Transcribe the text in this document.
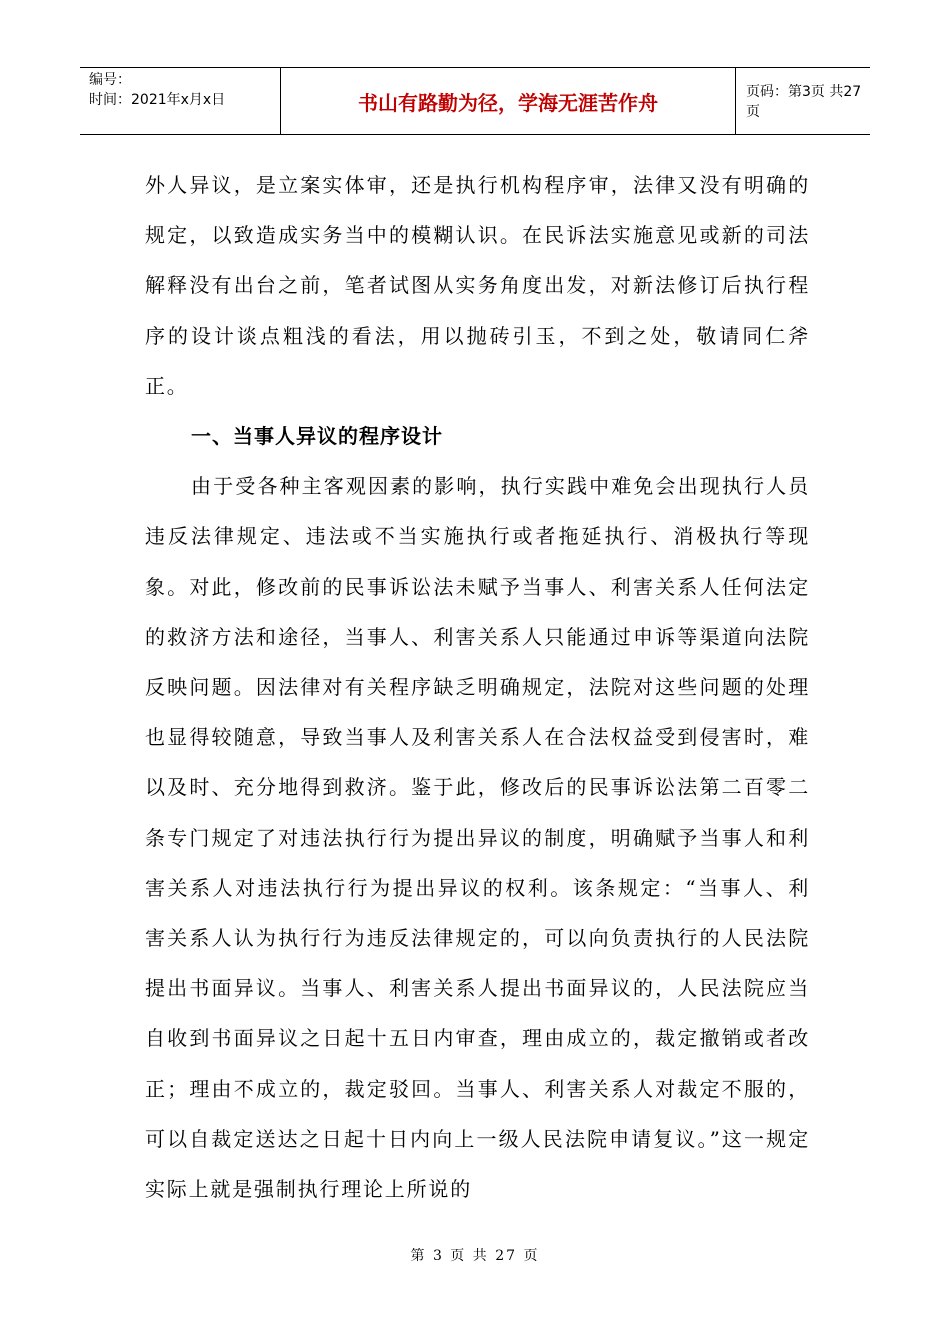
编号：
时间：2021年x月x日	书山有路勤为径，学海无涯苦作舟	页码：第3页 共27页

外人异议，是立案实体审，还是执行机构程序审，法律又没有明确的规定，以致造成实务当中的模糊认识。在民诉法实施意见或新的司法解释没有出台之前，笔者试图从实务角度出发，对新法修订后执行程序的设计谈点粗浅的看法，用以抛砖引玉，不到之处，敬请同仁斧正。

一、当事人异议的程序设计

由于受各种主客观因素的影响，执行实践中难免会出现执行人员违反法律规定、违法或不当实施执行或者拖延执行、消极执行等现象。对此，修改前的民事诉讼法未赋予当事人、利害关系人任何法定的救济方法和途径，当事人、利害关系人只能通过申诉等渠道向法院反映问题。因法律对有关程序缺乏明确规定，法院对这些问题的处理也显得较随意，导致当事人及利害关系人在合法权益受到侵害时，难以及时、充分地得到救济。鉴于此，修改后的民事诉讼法第二百零二条专门规定了对违法执行行为提出异议的制度，明确赋予当事人和利害关系人对违法执行行为提出异议的权利。该条规定：“当事人、利害关系人认为执行行为违反法律规定的，可以向负责执行的人民法院提出书面异议。当事人、利害关系人提出书面异议的，人民法院应当自收到书面异议之日起十五日内审查，理由成立的，裁定撤销或者改正；理由不成立的，裁定驳回。当事人、利害关系人对裁定不服的，可以自裁定送达之日起十日内向上一级人民法院申请复议。”这一规定实际上就是强制执行理论上所说的

第 3 页 共 27 页
